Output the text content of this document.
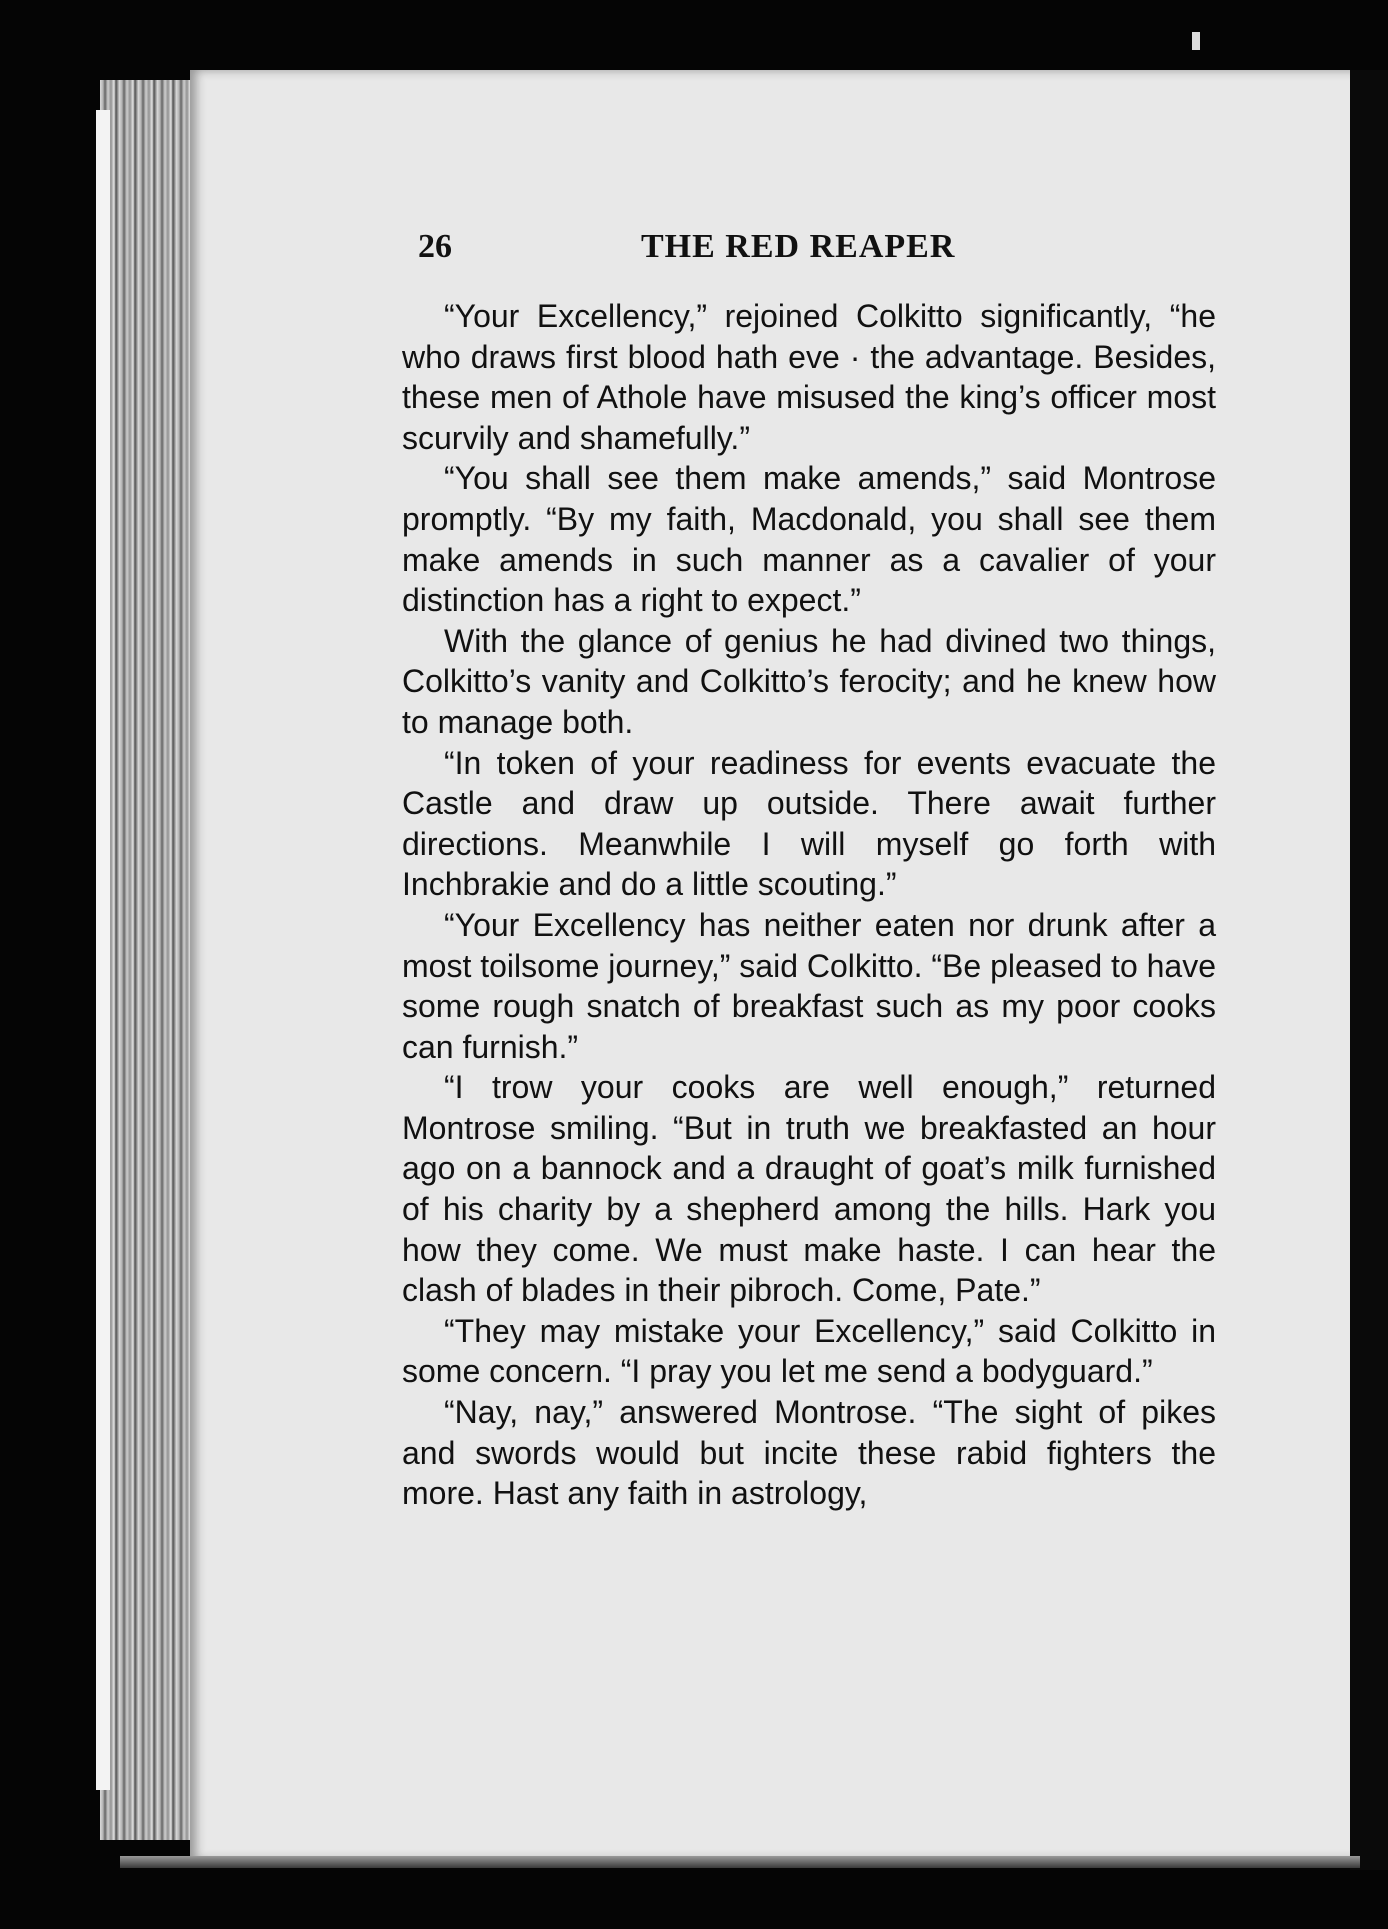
26	THE RED REAPER

“Your Excellency,” rejoined Colkitto significantly, “he who draws first blood hath eve · the advantage. Besides, these men of Athole have misused the king’s officer most scurvily and shamefully.”

“You shall see them make amends,” said Montrose promptly. “By my faith, Macdonald, you shall see them make amends in such manner as a cavalier of your distinction has a right to expect.”

With the glance of genius he had divined two things, Colkitto’s vanity and Colkitto’s ferocity; and he knew how to manage both.

“In token of your readiness for events evacuate the Castle and draw up outside. There await further directions. Meanwhile I will myself go forth with Inchbrakie and do a little scouting.”

“Your Excellency has neither eaten nor drunk after a most toilsome journey,” said Colkitto. “Be pleased to have some rough snatch of breakfast such as my poor cooks can furnish.”

“I trow your cooks are well enough,” returned Montrose smiling. “But in truth we breakfasted an hour ago on a bannock and a draught of goat’s milk furnished of his charity by a shepherd among the hills. Hark you how they come. We must make haste. I can hear the clash of blades in their pibroch. Come, Pate.”

“They may mistake your Excellency,” said Colkitto in some concern. “I pray you let me send a bodyguard.”

“Nay, nay,” answered Montrose. “The sight of pikes and swords would but incite these rabid fighters the more. Hast any faith in astrology,
